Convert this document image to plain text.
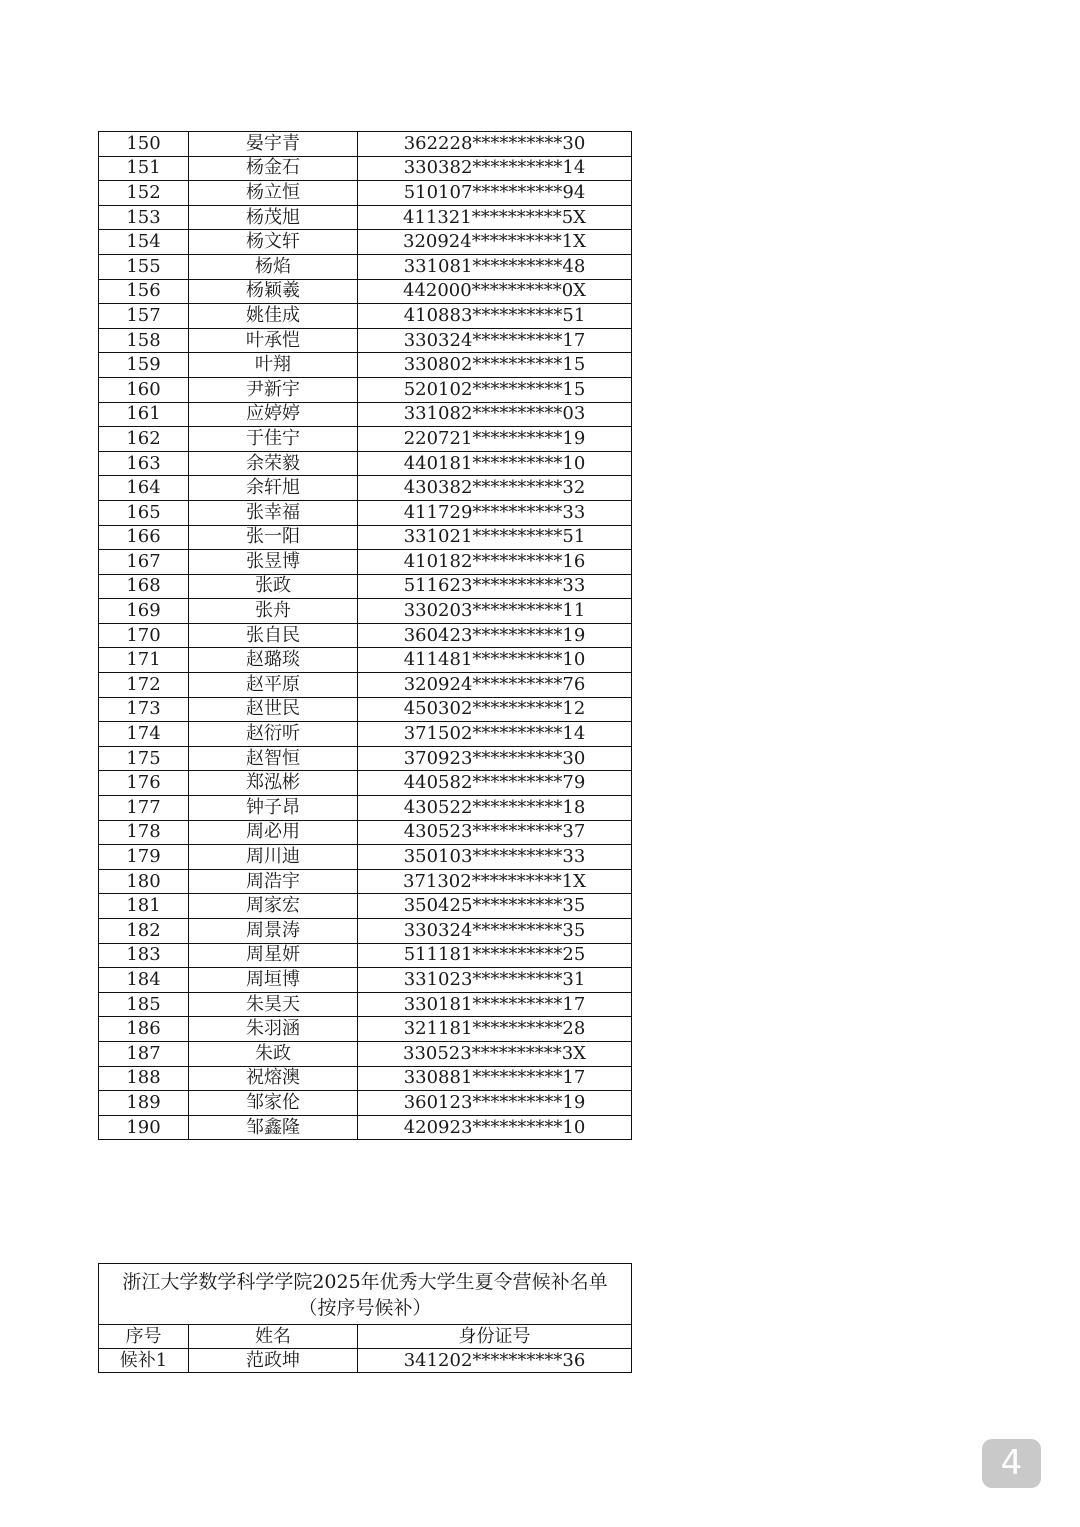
150	晏宇青	362228**********30
151	杨金石	330382**********14
152	杨立恒	510107**********94
153	杨茂旭	411321**********5X
154	杨文轩	320924**********1X
155	杨焰	331081**********48
156	杨颖羲	442000**********0X
157	姚佳成	410883**********51
158	叶承恺	330324**********17
159	叶翔	330802**********15
160	尹新宇	520102**********15
161	应婷婷	331082**********03
162	于佳宁	220721**********19
163	余荣毅	440181**********10
164	余轩旭	430382**********32
165	张幸福	411729**********33
166	张一阳	331021**********51
167	张昱博	410182**********16
168	张政	511623**********33
169	张舟	330203**********11
170	张自民	360423**********19
171	赵璐琰	411481**********10
172	赵平原	320924**********76
173	赵世民	450302**********12
174	赵衍听	371502**********14
175	赵智恒	370923**********30
176	郑泓彬	440582**********79
177	钟子昂	430522**********18
178	周必用	430523**********37
179	周川迪	350103**********33
180	周浩宇	371302**********1X
181	周家宏	350425**********35
182	周景涛	330324**********35
183	周星妍	511181**********25
184	周垣博	331023**********31
185	朱昊天	330181**********17
186	朱羽涵	321181**********28
187	朱政	330523**********3X
188	祝熔澳	330881**********17
189	邹家伦	360123**********19
190	邹鑫隆	420923**********10
浙江大学数学科学学院2025年优秀大学生夏令营候补名单
（按序号候补）		

序号	姓名	身份证号
候补1	范政坤	341202**********36
4
